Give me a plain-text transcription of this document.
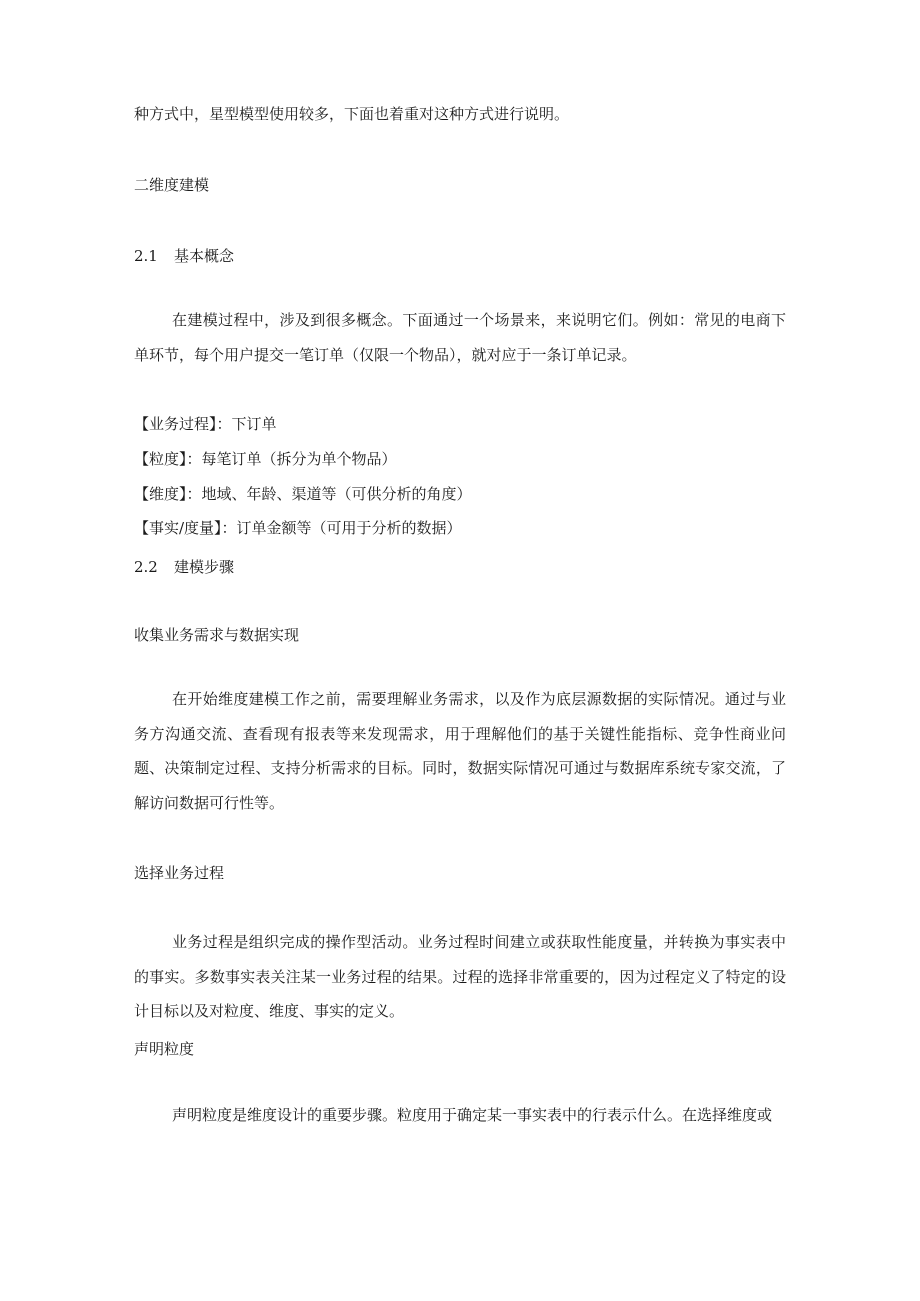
种方式中，星型模型使用较多，下面也着重对这种方式进行说明。
二维度建模
2.1 基本概念

在建模过程中，涉及到很多概念。下面通过一个场景来，来说明它们。例如：常见的电商下单环节，每个用户提交一笔订单（仅限一个物品），就对应于一条订单记录。

【业务过程】：下订单
【粒度】：每笔订单（拆分为单个物品）
【维度】：地域、年龄、渠道等（可供分析的角度）
【事实/度量】：订单金额等（可用于分析的数据）
2.2 建模步骤
收集业务需求与数据实现

在开始维度建模工作之前，需要理解业务需求，以及作为底层源数据的实际情况。通过与业务方沟通交流、查看现有报表等来发现需求，用于理解他们的基于关键性能指标、竞争性商业问题、决策制定过程、支持分析需求的目标。同时，数据实际情况可通过与数据库系统专家交流，了解访问数据可行性等。

选择业务过程

业务过程是组织完成的操作型活动。业务过程时间建立或获取性能度量，并转换为事实表中的事实。多数事实表关注某一业务过程的结果。过程的选择非常重要的，因为过程定义了特定的设计目标以及对粒度、维度、事实的定义。

声明粒度

声明粒度是维度设计的重要步骤。粒度用于确定某一事实表中的行表示什么。在选择维度或
